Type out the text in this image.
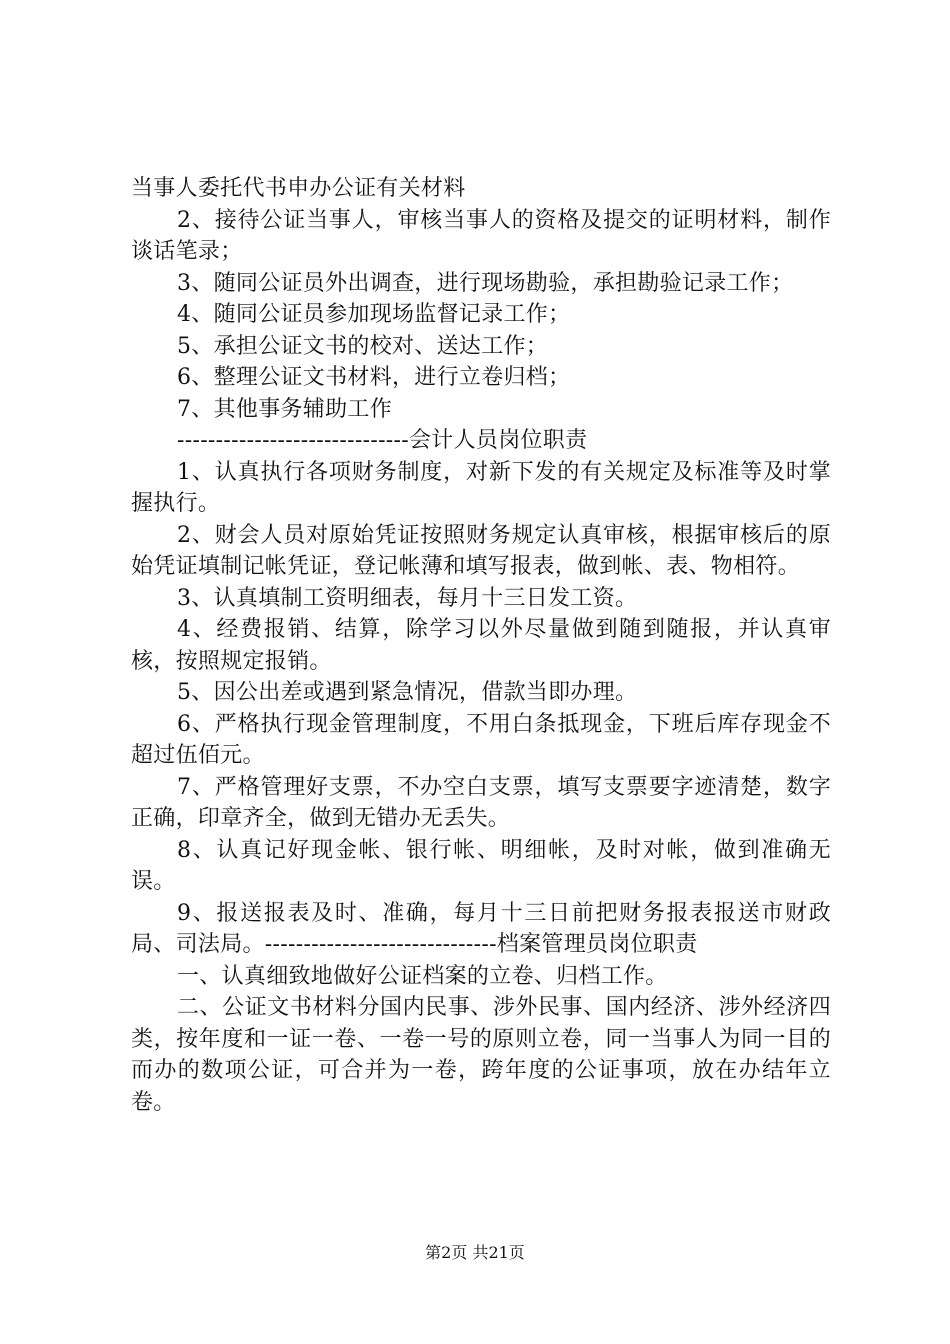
当事人委托代书申办公证有关材料

2、接待公证当事人，审核当事人的资格及提交的证明材料，制作谈话笔录；

3、随同公证员外出调查，进行现场勘验，承担勘验记录工作；

4、随同公证员参加现场监督记录工作；

5、承担公证文书的校对、送达工作；

6、整理公证文书材料，进行立卷归档；

7、其他事务辅助工作

------------------------------会计人员岗位职责

1、认真执行各项财务制度，对新下发的有关规定及标准等及时掌握执行。

2、财会人员对原始凭证按照财务规定认真审核，根据审核后的原始凭证填制记帐凭证，登记帐薄和填写报表，做到帐、表、物相符。

3、认真填制工资明细表，每月十三日发工资。

4、经费报销、结算，除学习以外尽量做到随到随报，并认真审核，按照规定报销。

5、因公出差或遇到紧急情况，借款当即办理。

6、严格执行现金管理制度，不用白条抵现金，下班后库存现金不超过伍佰元。

7、严格管理好支票，不办空白支票，填写支票要字迹清楚，数字正确，印章齐全，做到无错办无丢失。

8、认真记好现金帐、银行帐、明细帐，及时对帐，做到准确无误。

9、报送报表及时、准确，每月十三日前把财务报表报送市财政局、司法局。------------------------------档案管理员岗位职责

一、认真细致地做好公证档案的立卷、归档工作。

二、公证文书材料分国内民事、涉外民事、国内经济、涉外经济四类，按年度和一证一卷、一卷一号的原则立卷，同一当事人为同一目的而办的数项公证，可合并为一卷，跨年度的公证事项，放在办结年立卷。

第2页 共21页
